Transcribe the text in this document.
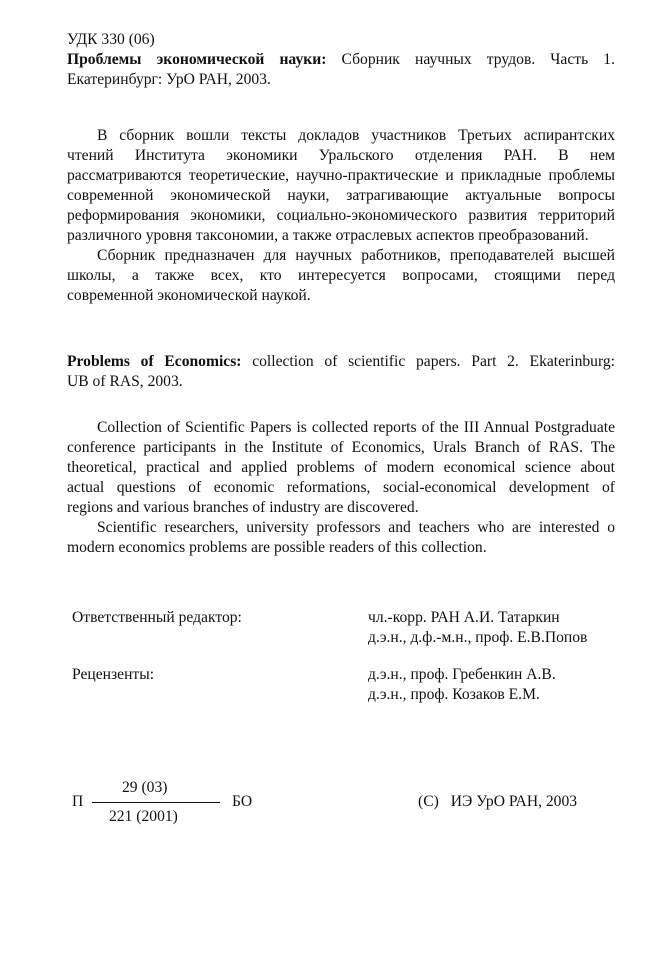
УДК 330 (06)
Проблемы экономической науки: Сборник научных трудов. Часть 1.
Екатеринбург: УрО РАН, 2003.
В сборник вошли тексты докладов участников Третьих аспирантских
чтений Института экономики Уральского отделения РАН. В нем
рассматриваются теоретические, научно-практические и прикладные проблемы
современной экономической науки, затрагивающие актуальные вопросы
реформирования экономики, социально-экономического развития территорий
различного уровня таксономии, а также отраслевых аспектов преобразований.
Сборник предназначен для научных работников, преподавателей высшей
школы, а также всех, кто интересуется вопросами, стоящими перед
современной экономической наукой.
Problems of Economics: collection of scientific papers. Part 2. Ekaterinburg:
UB of RAS, 2003.
Collection of Scientific Papers is collected reports of the III Annual Postgraduate
conference participants in the Institute of Economics, Urals Branch of RAS. The
theoretical, practical and applied problems of modern economical science about
actual questions of economic reformations, social-economical development of
regions and various branches of industry are discovered.
Scientific researchers, university professors and teachers who are interested o
modern economics problems are possible readers of this collection.
Ответственный редактор:	чл.-корр. РАН А.И. Татаркин
д.э.н., д.ф.-м.н., проф. Е.В.Попов
Рецензенты:	д.э.н., проф. Гребенкин А.В.
д.э.н., проф. Козаков Е.М.
П
29 (03)
221 (2001)
БО	(С) ИЭ УрО РАН, 2003
